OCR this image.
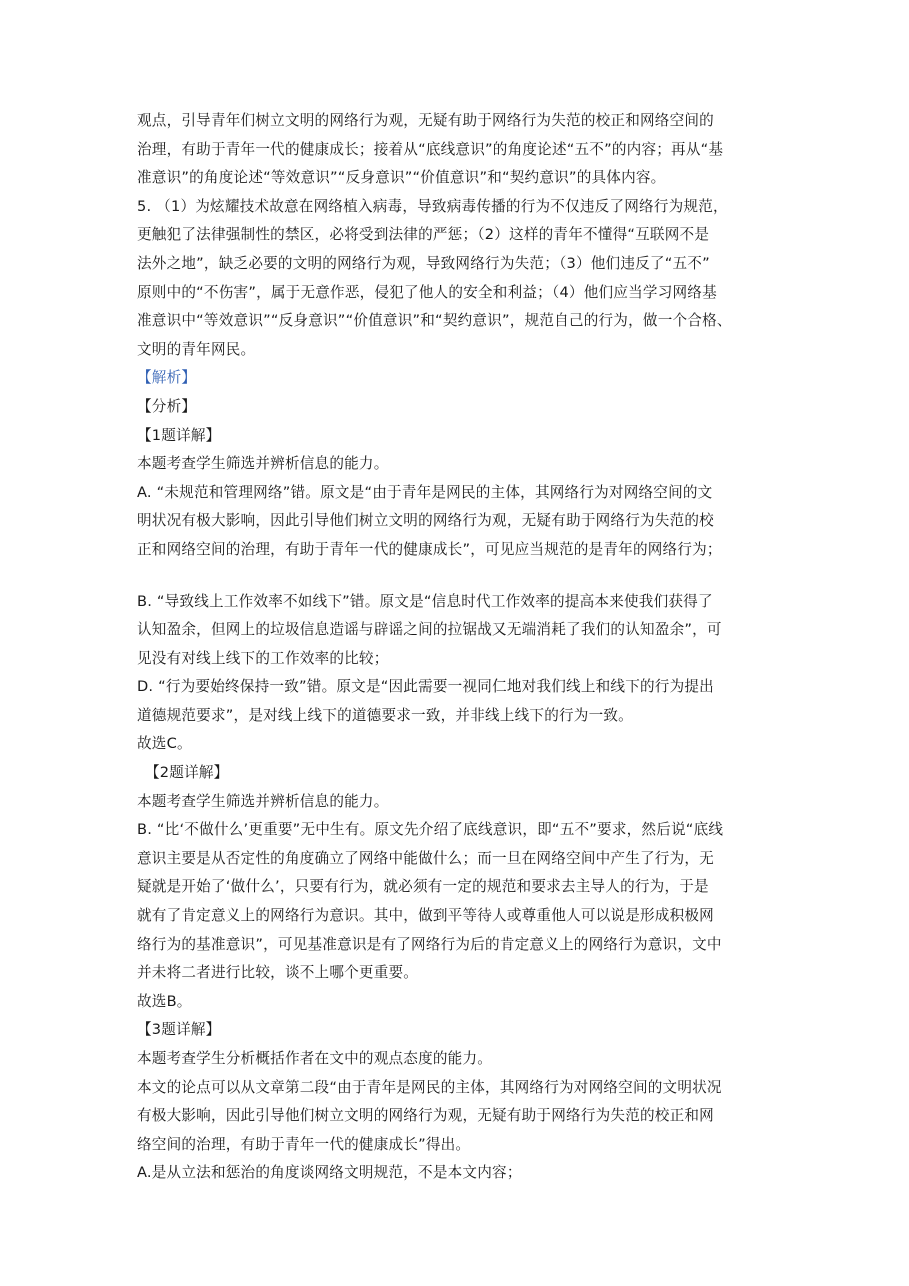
观点，引导青年们树立文明的网络行为观，无疑有助于网络行为失范的校正和网络空间的
治理，有助于青年一代的健康成长；接着从“底线意识”的角度论述“五不”的内容；再从“基
准意识”的角度论述“等效意识”“反身意识”“价值意识”和“契约意识”的具体内容。
5. （1）为炫耀技术故意在网络植入病毒，导致病毒传播的行为不仅违反了网络行为规范，
更触犯了法律强制性的禁区，必将受到法律的严惩；（2）这样的青年不懂得“互联网不是
法外之地”，缺乏必要的文明的网络行为观，导致网络行为失范；（3）他们违反了“五不”
原则中的“不伤害”，属于无意作恶，侵犯了他人的安全和利益；（4）他们应当学习网络基
准意识中“等效意识”“反身意识”“价值意识”和“契约意识”，规范自己的行为，做一个合格、
文明的青年网民。
【解析】
【分析】
【1题详解】
本题考查学生筛选并辨析信息的能力。
A. “未规范和管理网络”错。原文是“由于青年是网民的主体，其网络行为对网络空间的文
明状况有极大影响，因此引导他们树立文明的网络行为观，无疑有助于网络行为失范的校
正和网络空间的治理，有助于青年一代的健康成长”，可见应当规范的是青年的网络行为；
B. “导致线上工作效率不如线下”错。原文是“信息时代工作效率的提高本来使我们获得了
认知盈余，但网上的垃圾信息造谣与辟谣之间的拉锯战又无端消耗了我们的认知盈余”，可
见没有对线上线下的工作效率的比较；
D. “行为要始终保持一致”错。原文是“因此需要一视同仁地对我们线上和线下的行为提出
道德规范要求”，是对线上线下的道德要求一致，并非线上线下的行为一致。
故选C。
【2题详解】
本题考查学生筛选并辨析信息的能力。
B. “比‘不做什么’更重要”无中生有。原文先介绍了底线意识，即“五不”要求，然后说“底线
意识主要是从否定性的角度确立了网络中能做什么；而一旦在网络空间中产生了行为，无
疑就是开始了‘做什么’，只要有行为，就必须有一定的规范和要求去主导人的行为，于是
就有了肯定意义上的网络行为意识。其中，做到平等待人或尊重他人可以说是形成积极网
络行为的基准意识”，可见基准意识是有了网络行为后的肯定意义上的网络行为意识，文中
并未将二者进行比较，谈不上哪个更重要。
故选B。
【3题详解】
本题考查学生分析概括作者在文中的观点态度的能力。
本文的论点可以从文章第二段“由于青年是网民的主体，其网络行为对网络空间的文明状况
有极大影响，因此引导他们树立文明的网络行为观，无疑有助于网络行为失范的校正和网
络空间的治理，有助于青年一代的健康成长”得出。
A.是从立法和惩治的角度谈网络文明规范，不是本文内容；
